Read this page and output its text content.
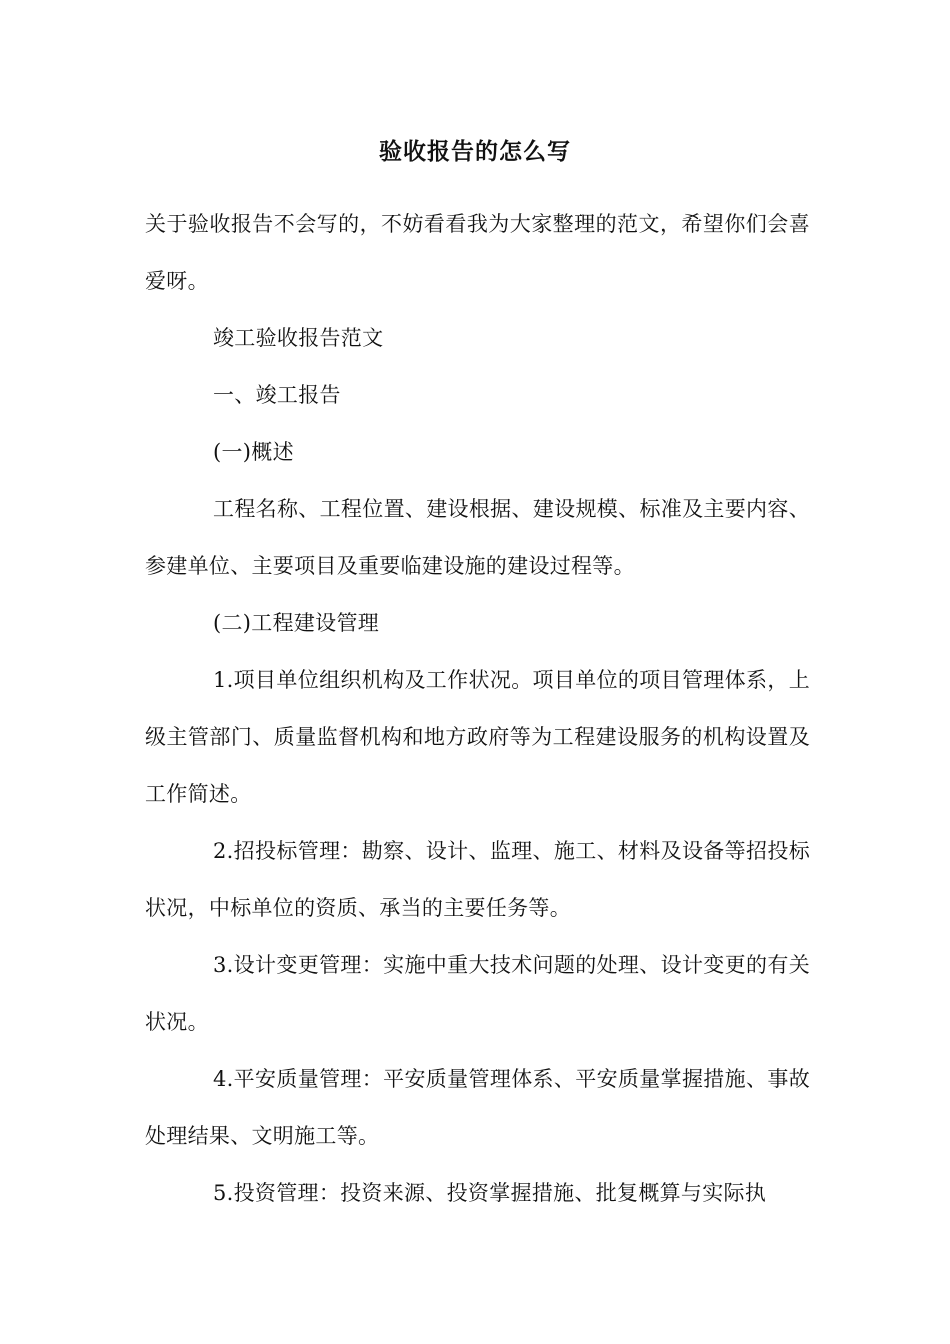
验收报告的怎么写

关于验收报告不会写的，不妨看看我为大家整理的范文，希望你们会喜爱呀。

竣工验收报告范文

一、竣工报告

(一)概述

工程名称、工程位置、建设根据、建设规模、标准及主要内容、参建单位、主要项目及重要临建设施的建设过程等。

(二)工程建设管理

1.项目单位组织机构及工作状况。项目单位的项目管理体系，上级主管部门、质量监督机构和地方政府等为工程建设服务的机构设置及工作简述。

2.招投标管理：勘察、设计、监理、施工、材料及设备等招投标状况，中标单位的资质、承当的主要任务等。

3.设计变更管理：实施中重大技术问题的处理、设计变更的有关状况。

4.平安质量管理：平安质量管理体系、平安质量掌握措施、事故处理结果、文明施工等。

5.投资管理：投资来源、投资掌握措施、批复概算与实际执
